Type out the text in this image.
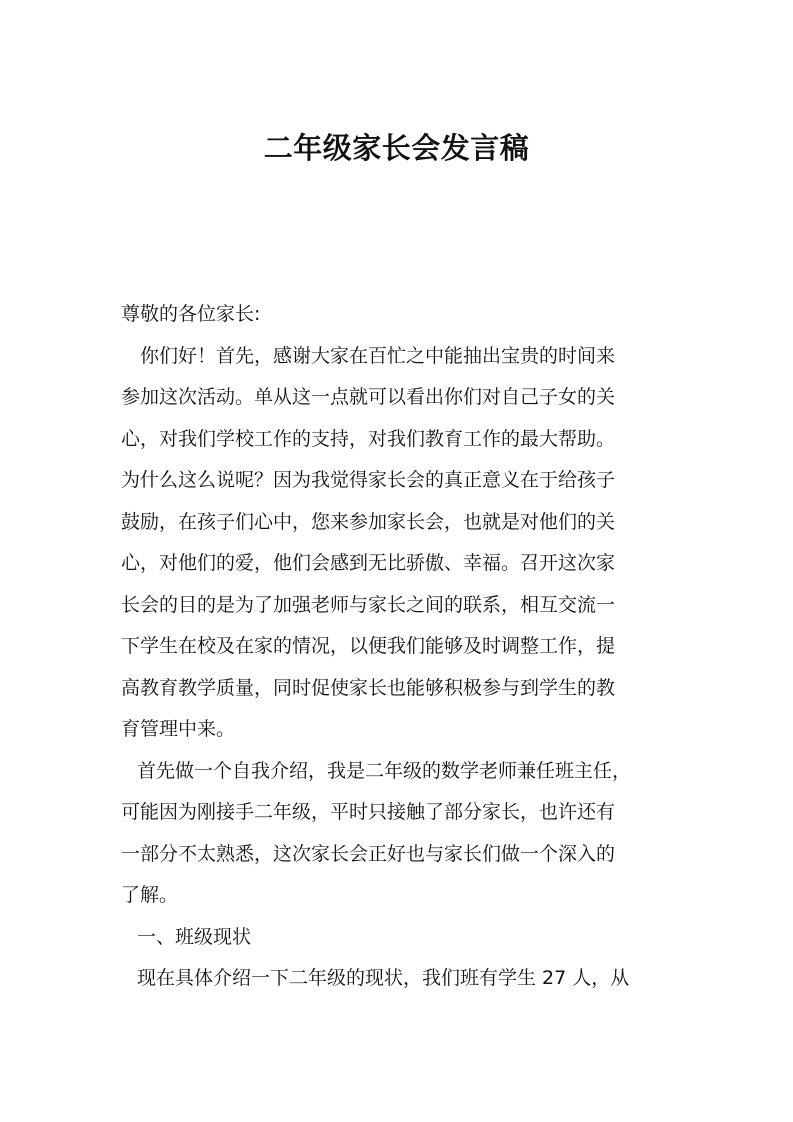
二年级家长会发言稿
尊敬的各位家长:
你们好！首先，感谢大家在百忙之中能抽出宝贵的时间来
参加这次活动。单从这一点就可以看出你们对自己子女的关
心，对我们学校工作的支持，对我们教育工作的最大帮助。
为什么这么说呢？因为我觉得家长会的真正意义在于给孩子
鼓励，在孩子们心中，您来参加家长会，也就是对他们的关
心，对他们的爱，他们会感到无比骄傲、幸福。召开这次家
长会的目的是为了加强老师与家长之间的联系，相互交流一
下学生在校及在家的情况，以便我们能够及时调整工作，提
高教育教学质量，同时促使家长也能够积极参与到学生的教
育管理中来。
首先做一个自我介绍，我是二年级的数学老师兼任班主任，
可能因为刚接手二年级，平时只接触了部分家长，也许还有
一部分不太熟悉，这次家长会正好也与家长们做一个深入的
了解。
一、班级现状
现在具体介绍一下二年级的现状，我们班有学生 27 人，从
